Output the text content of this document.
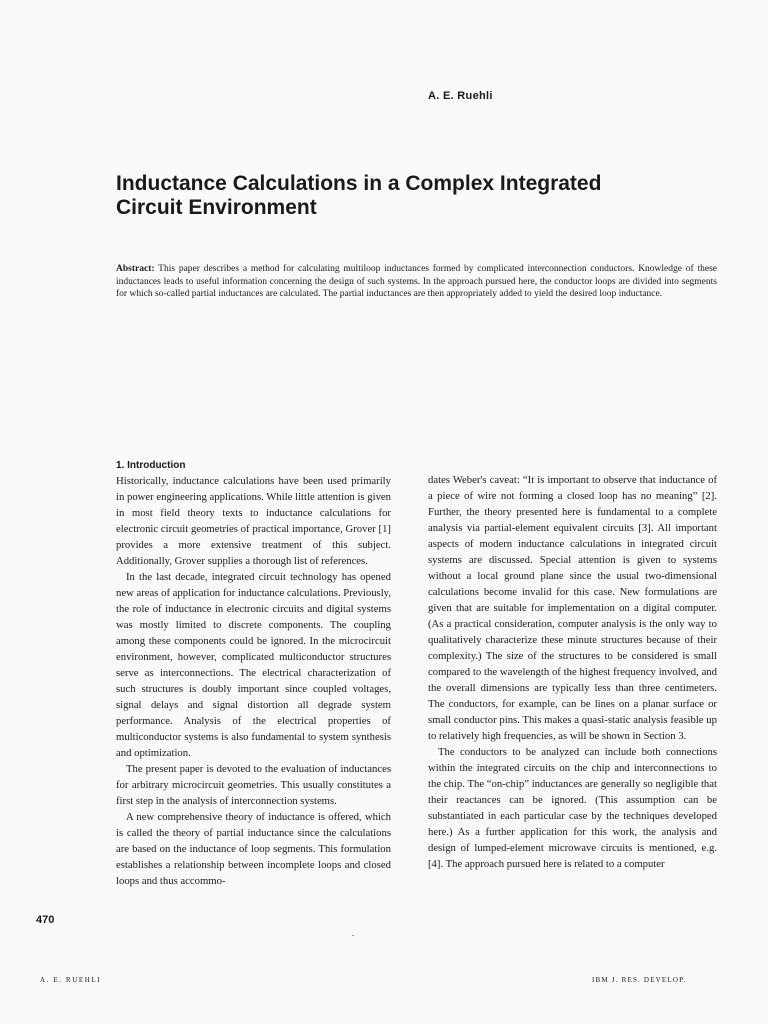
A. E. Ruehli
Inductance Calculations in a Complex Integrated
Circuit Environment
Abstract: This paper describes a method for calculating multiloop inductances formed by complicated interconnection conductors. Knowledge of these inductances leads to useful information concerning the design of such systems. In the approach pursued here, the conductor loops are divided into segments for which so-called partial inductances are calculated. The partial inductances are then appropriately added to yield the desired loop inductance.
1. Introduction

Historically, inductance calculations have been used primarily in power engineering applications. While little attention is given in most field theory texts to inductance calculations for electronic circuit geometries of practical importance, Grover [1] provides a more extensive treatment of this subject. Additionally, Grover supplies a thorough list of references.

In the last decade, integrated circuit technology has opened new areas of application for inductance calculations. Previously, the role of inductance in electronic circuits and digital systems was mostly limited to discrete components. The coupling among these components could be ignored. In the microcircuit environment, however, complicated multiconductor structures serve as interconnections. The electrical characterization of such structures is doubly important since coupled voltages, signal delays and signal distortion all degrade system performance. Analysis of the electrical properties of multiconductor systems is also fundamental to system synthesis and optimization.

The present paper is devoted to the evaluation of inductances for arbitrary microcircuit geometries. This usually constitutes a first step in the analysis of interconnection systems.

A new comprehensive theory of inductance is offered, which is called the theory of partial inductance since the calculations are based on the inductance of loop segments. This formulation establishes a relationship between incomplete loops and closed loops and thus accommo-

dates Weber's caveat: “It is important to observe that inductance of a piece of wire not forming a closed loop has no meaning” [2]. Further, the theory presented here is fundamental to a complete analysis via partial-element equivalent circuits [3]. All important aspects of modern inductance calculations in integrated circuit systems are discussed. Special attention is given to systems without a local ground plane since the usual two-dimensional calculations become invalid for this case. New formulations are given that are suitable for implementation on a digital computer. (As a practical consideration, computer analysis is the only way to qualitatively characterize these minute structures because of their complexity.) The size of the structures to be considered is small compared to the wavelength of the highest frequency involved, and the overall dimensions are typically less than three centimeters. The conductors, for example, can be lines on a planar surface or small conductor pins. This makes a quasi-static analysis feasible up to relatively high frequencies, as will be shown in Section 3.

The conductors to be analyzed can include both connections within the integrated circuits on the chip and interconnections to the chip. The “on-chip” inductances are generally so negligible that their reactances can be ignored. (This assumption can be substantiated in each particular case by the techniques developed here.) As a further application for this work, the analysis and design of lumped-element microwave circuits is mentioned, e.g. [4]. The approach pursued here is related to a computer

470
A. E. RUEHLI	IBM J. RES. DEVELOP.
